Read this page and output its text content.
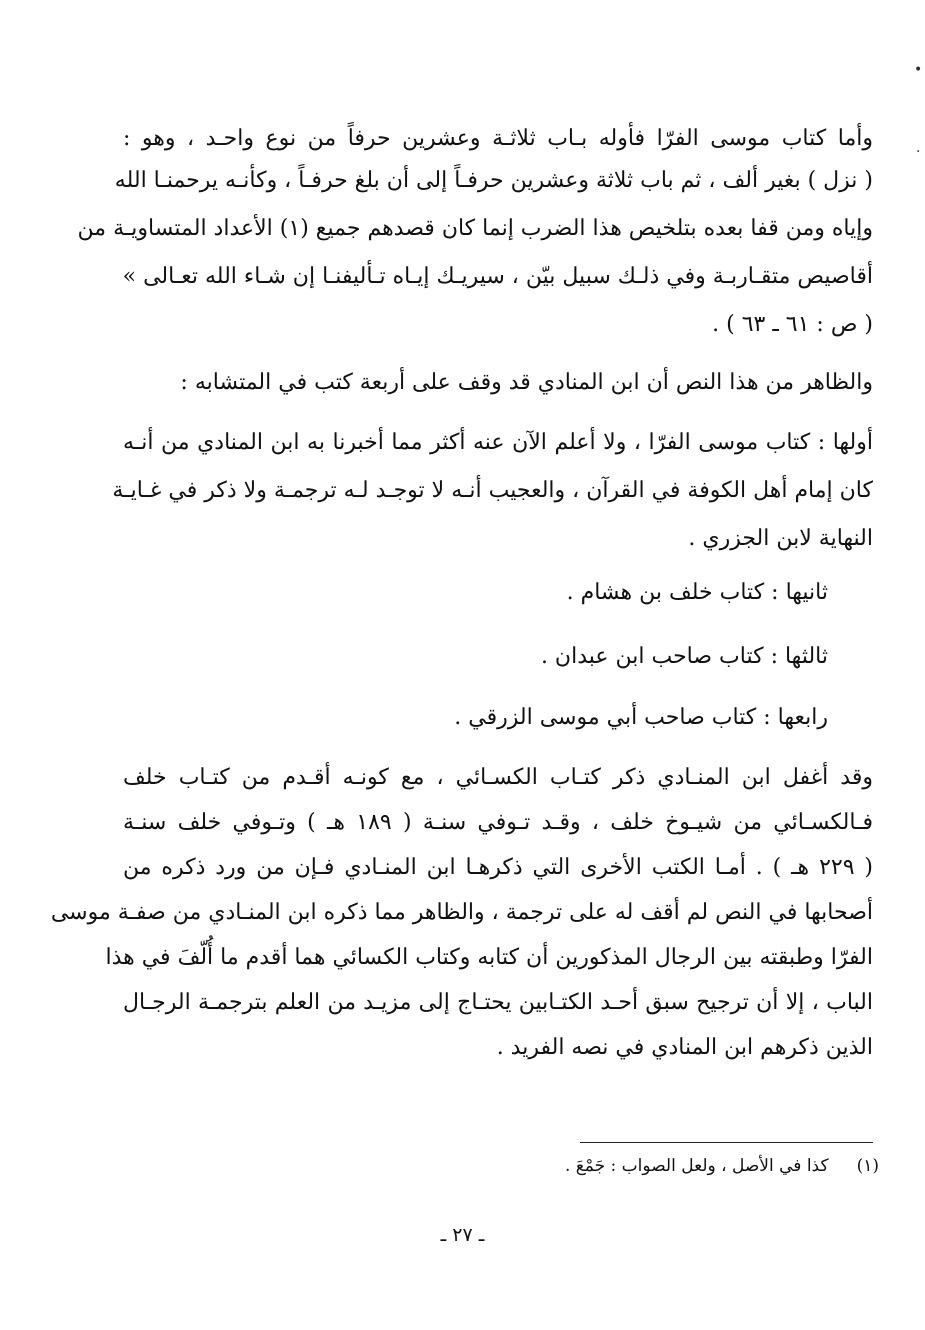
•
.
وأما كتاب موسى الفرّا فأوله بـاب ثلاثـة وعشرين حرفاً من نوع واحـد ، وهو :
( نزل ) بغير ألف ، ثم باب ثلاثة وعشرين حرفـاً إلى أن بلغ حرفـاً ، وكأنـه يرحمنـا الله
وإياه ومن قفا بعده بتلخيص هذا الضرب إنما كان قصدهم جميع (١) الأعداد المتساويـة من
أقاصيص متقـاربـة وفي ذلـك سبيل بيّن ، سيريـك إيـاه تـأليفنـا إن شـاء الله تعـالى »
( ص : ٦١ ـ ٦٣ ) .

والظاهر من هذا النص أن ابن المنادي قد وقف على أربعة كتب في المتشابه :

أولها : كتاب موسى الفرّا ، ولا أعلم الآن عنه أكثر مما أخبرنا به ابن المنادي من أنـه
كان إمام أهل الكوفة في القرآن ، والعجيب أنـه لا توجـد لـه ترجمـة ولا ذكر في غـايـة
النهاية لابن الجزري .

ثانيها : كتاب خلف بن هشام .

ثالثها : كتاب صاحب ابن عبدان .

رابعها : كتاب صاحب أبي موسى الزرقي .

وقد أغفل ابن المنـادي ذكر كتـاب الكسـائي ، مع كونـه أقـدم من كتـاب خلف
فـالكسـائي من شيـوخ خلف ، وقـد تـوفي سنـة ( ١٨٩ هـ ) وتـوفي خلف سنـة
( ٢٢٩ هـ ) . أمـا الكتب الأخرى التي ذكرهـا ابن المنـادي فـإن من ورد ذكره من
أصحابها في النص لم أقف له على ترجمة ، والظاهر مما ذكره ابن المنـادي من صفـة موسى
الفرّا وطبقته بين الرجال المذكورين أن كتابه وكتاب الكسائي هما أقدم ما أُلّفَ في هذا
الباب ، إلا أن ترجيح سبق أحـد الكتـابين يحتـاج إلى مزيـد من العلم بترجمـة الرجـال
الذين ذكرهم ابن المنادي في نصه الفريد .
(١)كذا في الأصل ، ولعل الصواب : جَمْعَ .
ـ ٢٧ ـ
